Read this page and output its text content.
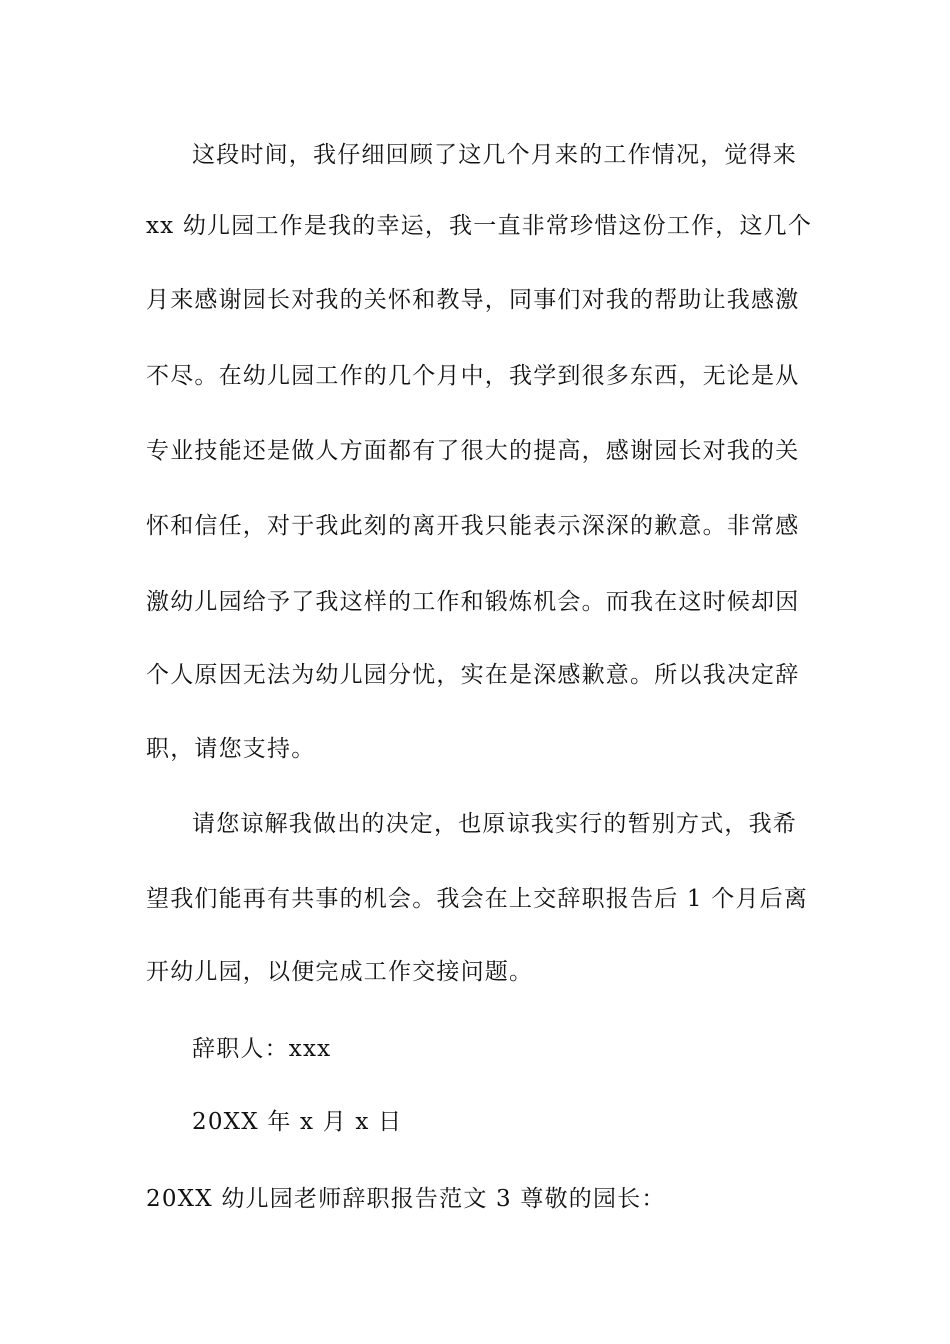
这段时间，我仔细回顾了这几个月来的工作情况，觉得来
xx 幼儿园工作是我的幸运，我一直非常珍惜这份工作，这几个
月来感谢园长对我的关怀和教导，同事们对我的帮助让我感激
不尽。在幼儿园工作的几个月中，我学到很多东西，无论是从
专业技能还是做人方面都有了很大的提高，感谢园长对我的关
怀和信任，对于我此刻的离开我只能表示深深的歉意。非常感
激幼儿园给予了我这样的工作和锻炼机会。而我在这时候却因
个人原因无法为幼儿园分忧，实在是深感歉意。所以我决定辞
职，请您支持。
请您谅解我做出的决定，也原谅我实行的暂别方式，我希
望我们能再有共事的机会。我会在上交辞职报告后 1 个月后离
开幼儿园，以便完成工作交接问题。
辞职人：xxx
20XX 年 x 月 x 日
20XX 幼儿园老师辞职报告范文 3 尊敬的园长：
